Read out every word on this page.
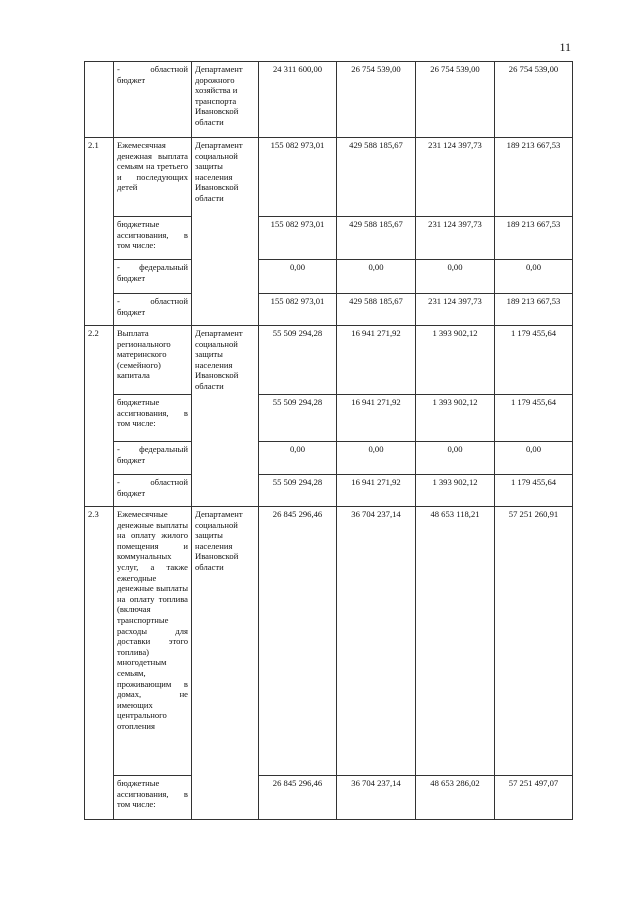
11
	- областной бюджет	Департамент дорожного хозяйства и транспорта Ивановской области	24 311 600,00	26 754 539,00	26 754 539,00	26 754 539,00
2.1	Ежемесячная денежная выплата семьям на третьего и последующих детей	Департамент социальной защиты населения Ивановской области	155 082 973,01	429 588 185,67	231 124 397,73	189 213 667,53
	бюджетные ассигнования, в том числе:		155 082 973,01	429 588 185,67	231 124 397,73	189 213 667,53
	- федеральный бюджет		0,00	0,00	0,00	0,00
	- областной бюджет		155 082 973,01	429 588 185,67	231 124 397,73	189 213 667,53
2.2	Выплата регионального материнского (семейного) капитала	Департамент социальной защиты населения Ивановской области	55 509 294,28	16 941 271,92	1 393 902,12	1 179 455,64
	бюджетные ассигнования, в том числе:		55 509 294,28	16 941 271,92	1 393 902,12	1 179 455,64
	- федеральный бюджет		0,00	0,00	0,00	0,00
	- областной бюджет		55 509 294,28	16 941 271,92	1 393 902,12	1 179 455,64
2.3	Ежемесячные денежные выплаты на оплату жилого помещения и коммунальных услуг, а также ежегодные денежные выплаты на оплату топлива (включая транспортные расходы для доставки этого топлива) многодетным семьям, проживающим в домах, не имеющих центрального отопления	Департамент социальной защиты населения Ивановской области	26 845 296,46	36 704 237,14	48 653 118,21	57 251 260,91
	бюджетные ассигнования, в том числе:		26 845 296,46	36 704 237,14	48 653 286,02	57 251 497,07
